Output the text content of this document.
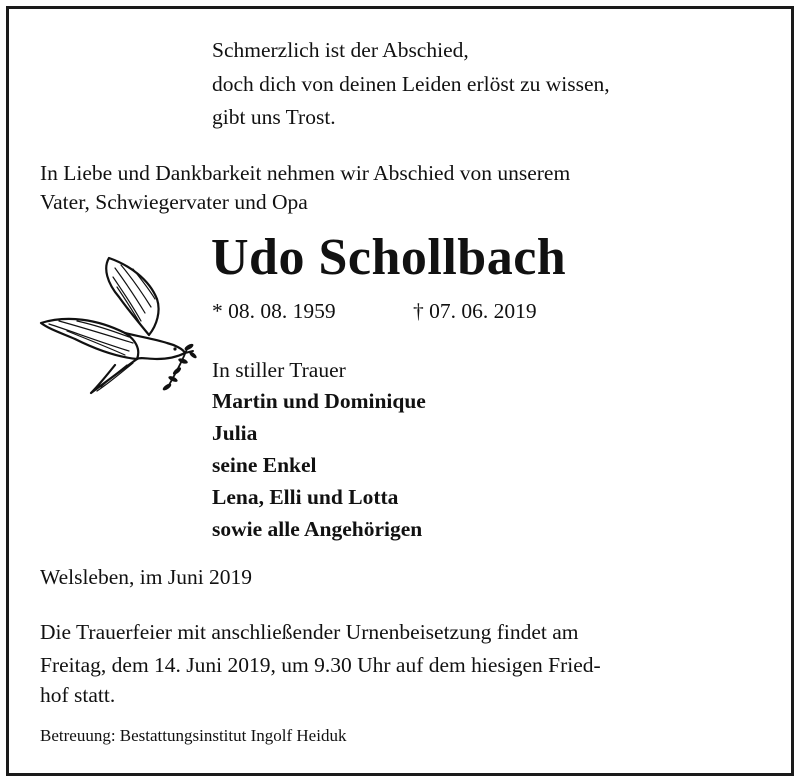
Schmerzlich ist der Abschied,
doch dich von deinen Leiden erlöst zu wissen,
gibt uns Trost.
In Liebe und Dankbarkeit nehmen wir Abschied von unserem
Vater, Schwiegervater und Opa
Udo Schollbach
* 08. 08. 1959	† 07. 06. 2019
In stiller Trauer
Martin und Dominique
Julia
seine Enkel
Lena, Elli und Lotta
sowie alle Angehörigen
Welsleben, im Juni 2019
Die Trauerfeier mit anschließender Urnenbeisetzung findet am
Freitag, dem 14. Juni 2019, um 9.30 Uhr auf dem hiesigen Fried-
hof statt.
Betreuung: Bestattungsinstitut Ingolf Heiduk
